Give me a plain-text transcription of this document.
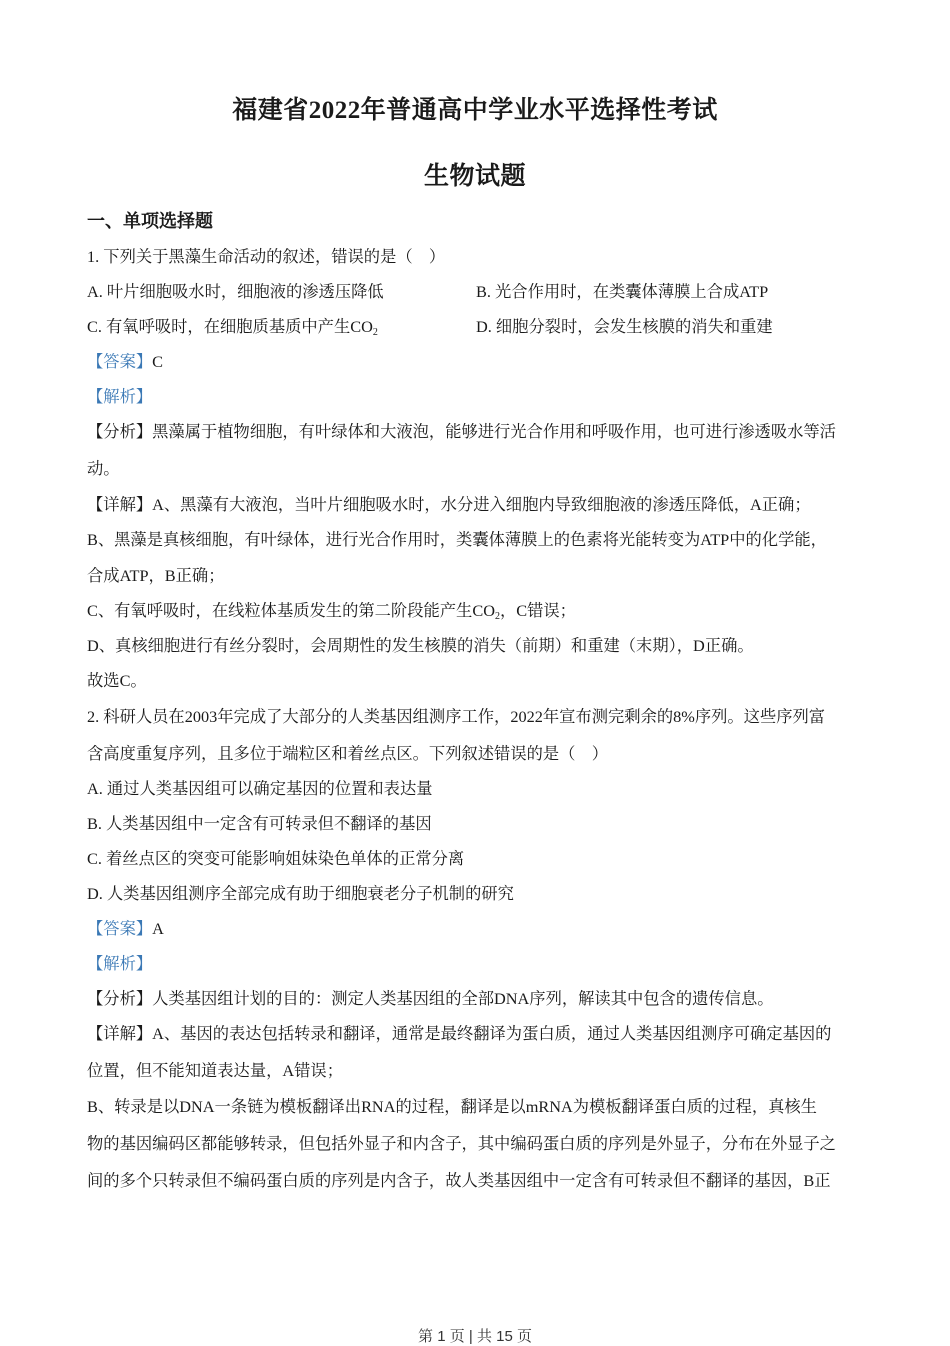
福建省2022年普通高中学业水平选择性考试
生物试题
一、单项选择题
1. 下列关于黑藻生命活动的叙述，错误的是（　）
A. 叶片细胞吸水时，细胞液的渗透压降低	B. 光合作用时，在类囊体薄膜上合成ATP
C. 有氧呼吸时，在细胞质基质中产生$CO_2$	D. 细胞分裂时，会发生核膜的消失和重建
【答案】C
【解析】
【分析】黑藻属于植物细胞，有叶绿体和大液泡，能够进行光合作用和呼吸作用，也可进行渗透吸水等活
动。
【详解】A、黑藻有大液泡，当叶片细胞吸水时，水分进入细胞内导致细胞液的渗透压降低，A正确；
B、黑藻是真核细胞，有叶绿体，进行光合作用时，类囊体薄膜上的色素将光能转变为ATP中的化学能，
合成ATP，B正确；
C、有氧呼吸时，在线粒体基质发生的第二阶段能产生$CO_2$，C错误；
D、真核细胞进行有丝分裂时，会周期性的发生核膜的消失（前期）和重建（末期），D正确。
故选C。
2. 科研人员在2003年完成了大部分的人类基因组测序工作，2022年宣布测完剩余的8%序列。这些序列富
含高度重复序列，且多位于端粒区和着丝点区。下列叙述错误的是（　）
A. 通过人类基因组可以确定基因的位置和表达量
B. 人类基因组中一定含有可转录但不翻译的基因
C. 着丝点区的突变可能影响姐妹染色单体的正常分离
D. 人类基因组测序全部完成有助于细胞衰老分子机制的研究
【答案】A
【解析】
【分析】人类基因组计划的目的：测定人类基因组的全部DNA序列，解读其中包含的遗传信息。
【详解】A、基因的表达包括转录和翻译，通常是最终翻译为蛋白质，通过人类基因组测序可确定基因的
位置，但不能知道表达量，A错误；
B、转录是以DNA一条链为模板翻译出RNA的过程，翻译是以mRNA为模板翻译蛋白质的过程，真核生
物的基因编码区都能够转录，但包括外显子和内含子，其中编码蛋白质的序列是外显子，分布在外显子之
间的多个只转录但不编码蛋白质的序列是内含子，故人类基因组中一定含有可转录但不翻译的基因，B正
第 1 页 | 共 15 页
